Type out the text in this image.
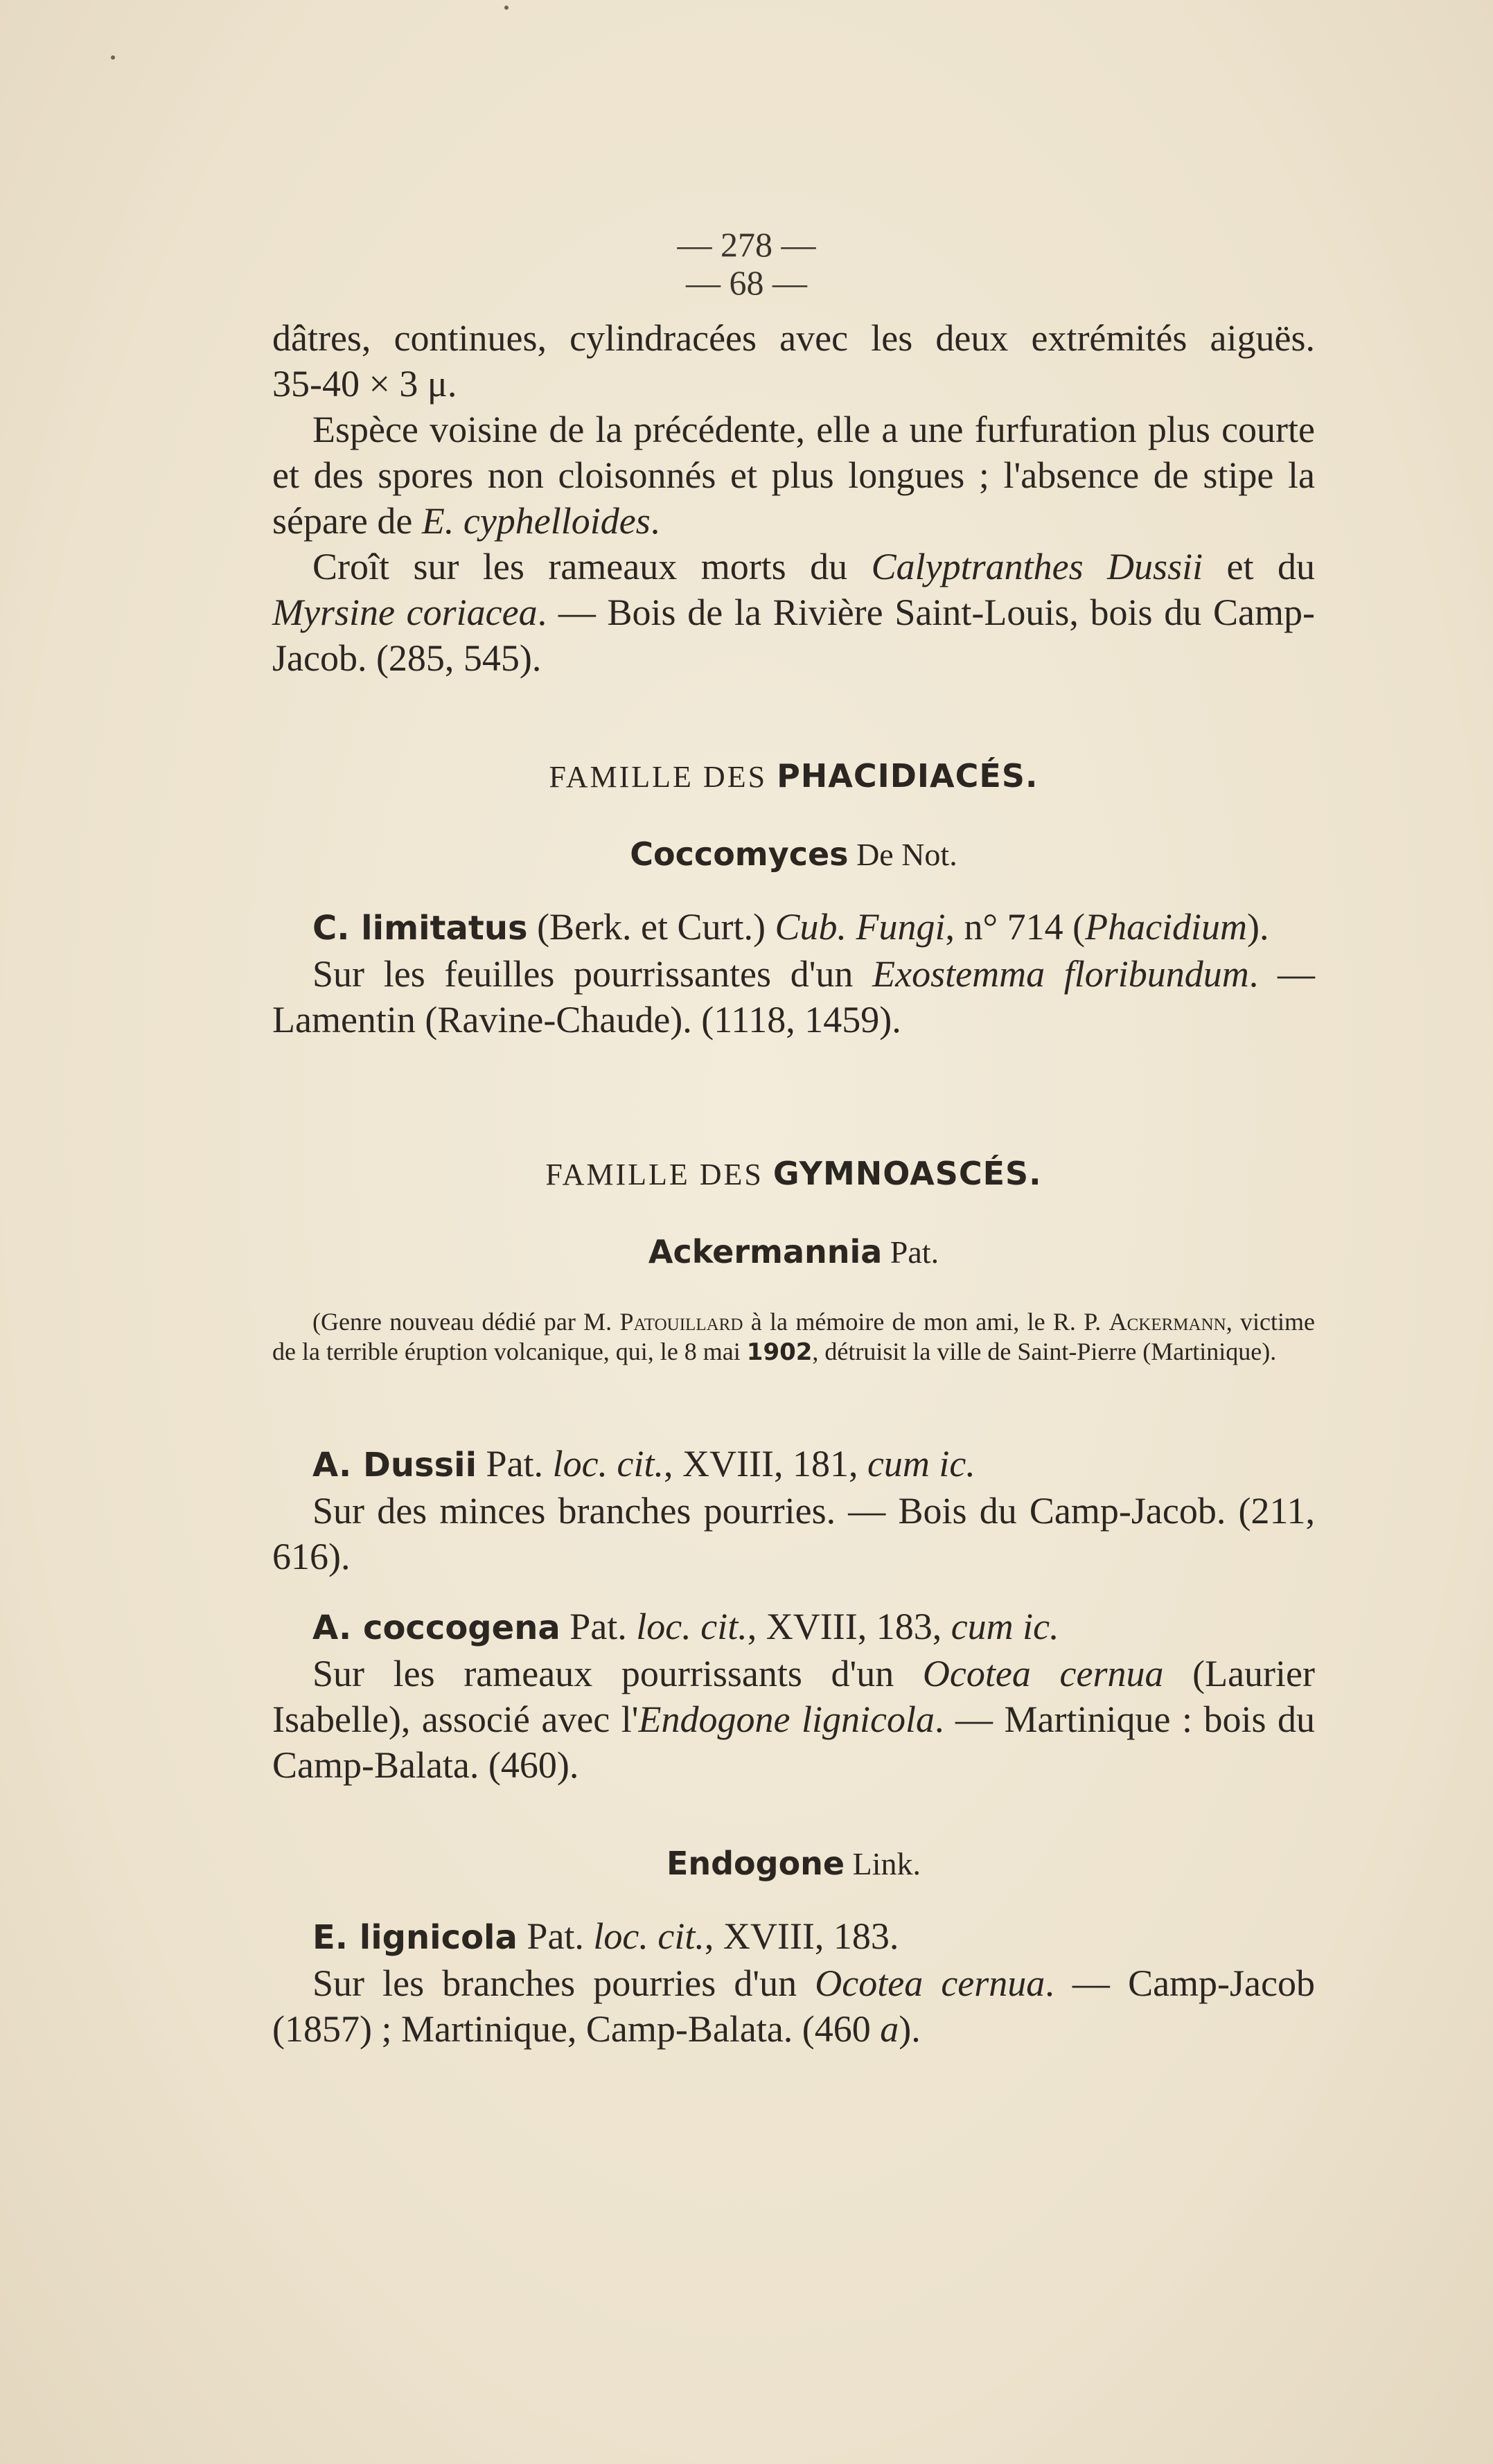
— 278 —
— 68 —

dâtres, continues, cylindracées avec les deux extrémités aiguës.

35-40 × 3 μ.

Espèce voisine de la précédente, elle a une furfuration plus courte et des spores non cloisonnés et plus longues ; l'absence de stipe la sépare de E. cyphelloides.

Croît sur les rameaux morts du Calyptranthes Dussii et du Myrsine coriacea. — Bois de la Rivière Saint-Louis, bois du Camp-Jacob. (285, 545).

FAMILLE DES PHACIDIACÉS.
Coccomyces De Not.

C. limitatus (Berk. et Curt.) Cub. Fungi, n° 714 (Phacidium).

Sur les feuilles pourrissantes d'un Exostemma floribundum. — Lamentin (Ravine-Chaude). (1118, 1459).

FAMILLE DES GYMNOASCÉS.
Ackermannia Pat.

(Genre nouveau dédié par M. Patouillard à la mémoire de mon ami, le R. P. Ackermann, victime de la terrible éruption volcanique, qui, le 8 mai 1902, détruisit la ville de Saint-Pierre (Martinique).

A. Dussii Pat. loc. cit., XVIII, 181, cum ic.

Sur des minces branches pourries. — Bois du Camp-Jacob. (211, 616).

A. coccogena Pat. loc. cit., XVIII, 183, cum ic.

Sur les rameaux pourrissants d'un Ocotea cernua (Laurier Isabelle), associé avec l'Endogone lignicola. — Martinique : bois du Camp-Balata. (460).

Endogone Link.

E. lignicola Pat. loc. cit., XVIII, 183.

Sur les branches pourries d'un Ocotea cernua. — Camp-Jacob (1857) ; Martinique, Camp-Balata. (460 a).
